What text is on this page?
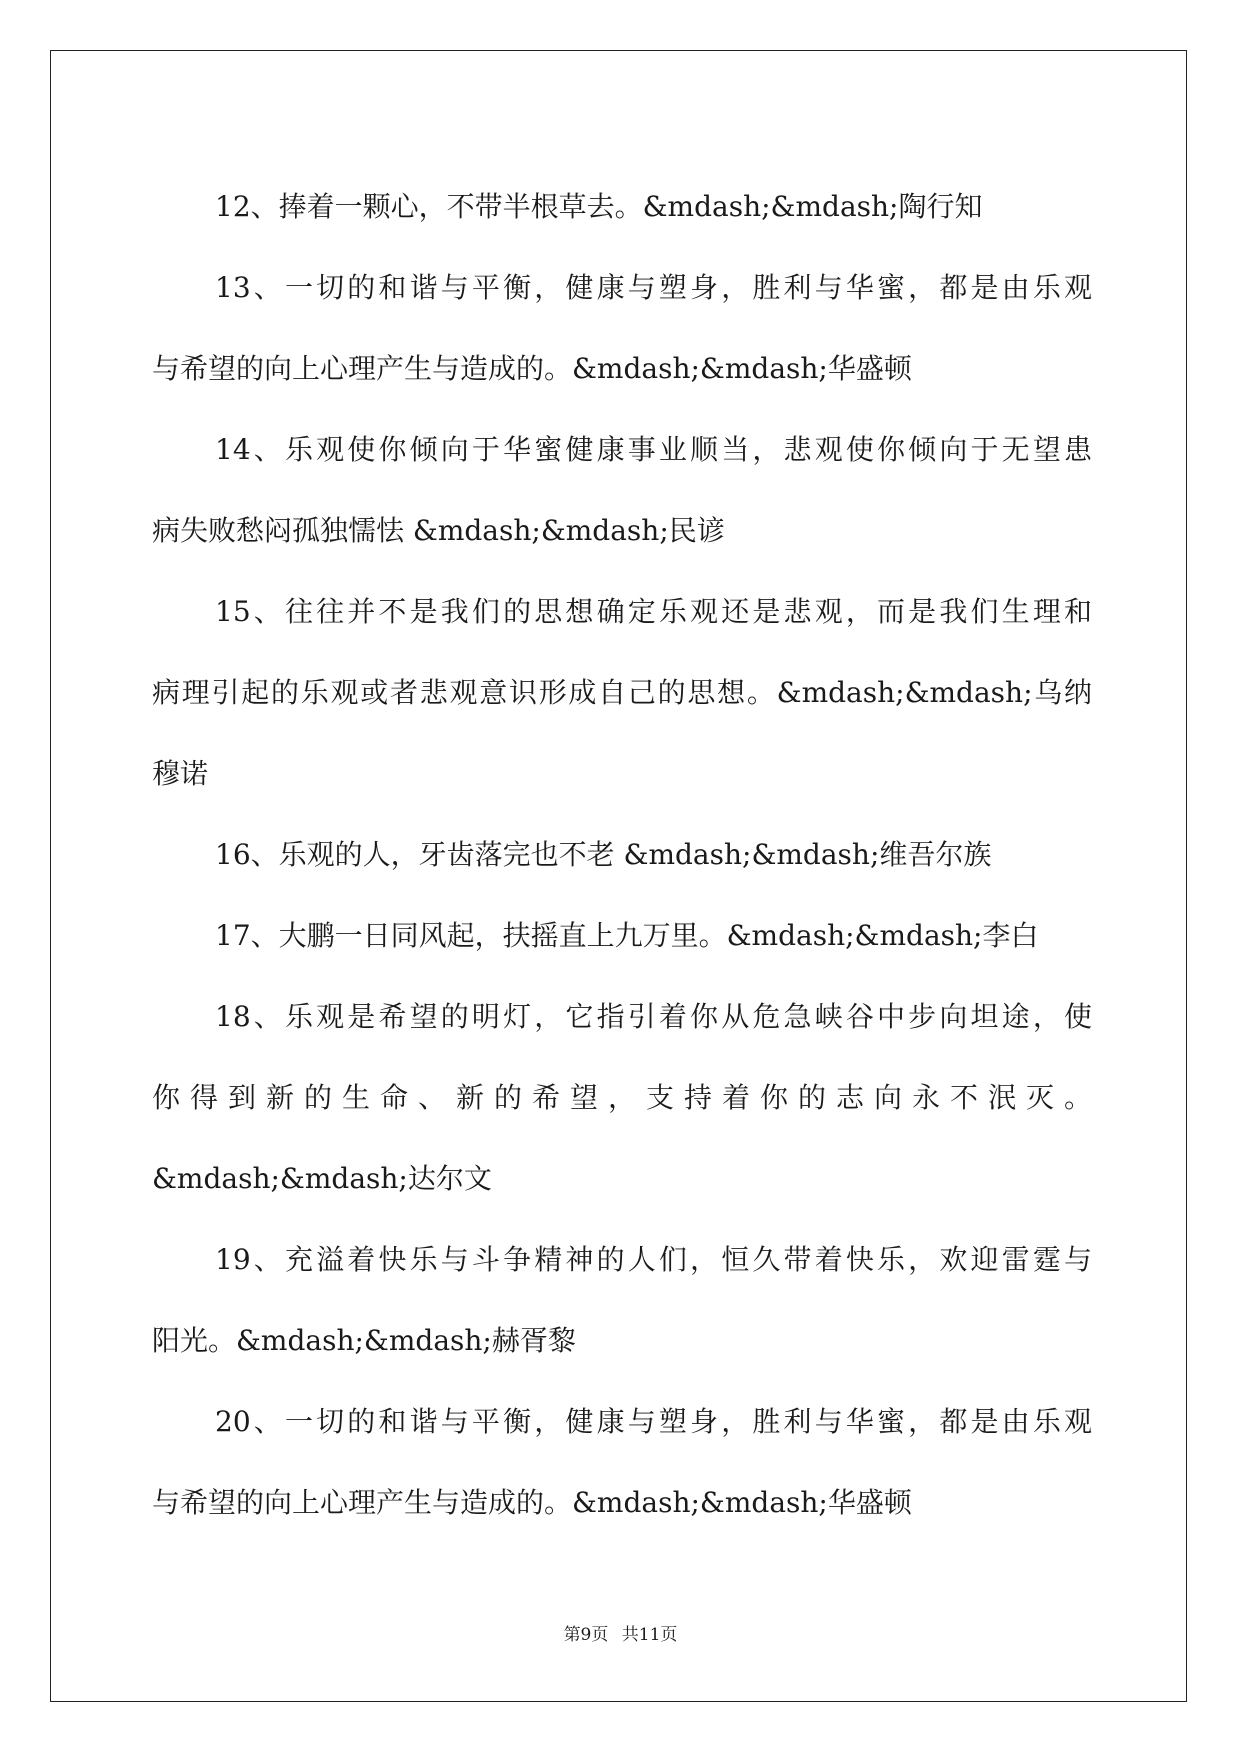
12、捧着一颗心，不带半根草去。&mdash;&mdash;陶行知
13、一切的和谐与平衡，健康与塑身，胜利与华蜜，都是由乐观
与希望的向上心理产生与造成的。&mdash;&mdash;华盛顿
14、乐观使你倾向于华蜜健康事业顺当，悲观使你倾向于无望患
病失败愁闷孤独懦怯 &mdash;&mdash;民谚
15、往往并不是我们的思想确定乐观还是悲观，而是我们生理和
病理引起的乐观或者悲观意识形成自己的思想。&mdash;&mdash;乌纳
穆诺
16、乐观的人，牙齿落完也不老 &mdash;&mdash;维吾尔族
17、大鹏一日同风起，扶摇直上九万里。&mdash;&mdash;李白
18、乐观是希望的明灯，它指引着你从危急峡谷中步向坦途，使
你得到新的生命、新的希望，支持着你的志向永不泯灭。
&mdash;&mdash;达尔文
19、充溢着快乐与斗争精神的人们，恒久带着快乐，欢迎雷霆与
阳光。&mdash;&mdash;赫胥黎
20、一切的和谐与平衡，健康与塑身，胜利与华蜜，都是由乐观
与希望的向上心理产生与造成的。&mdash;&mdash;华盛顿
第9页 共11页
